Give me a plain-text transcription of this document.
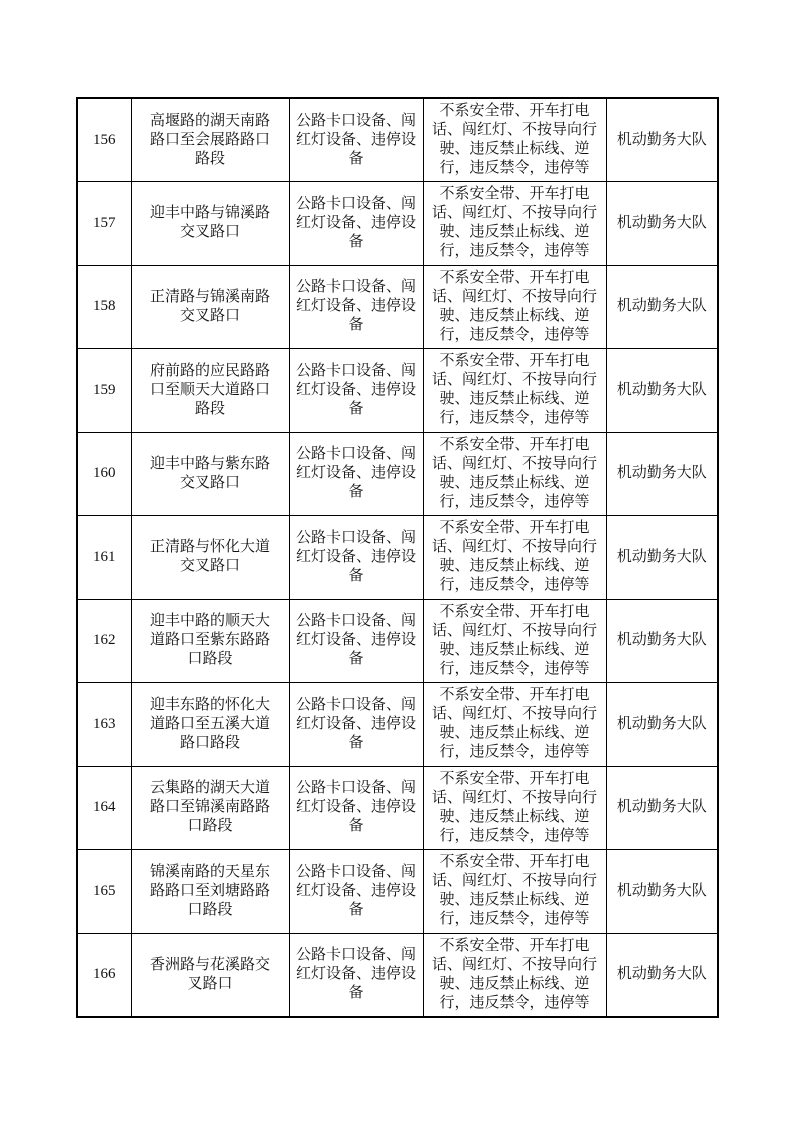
156	高堰路的湖天南路路口至会展路路口路段	公路卡口设备、闯红灯设备、违停设备	不系安全带、开车打电话、闯红灯、不按导向行驶、违反禁止标线、逆行，违反禁令，违停等	机动勤务大队
157	迎丰中路与锦溪路交叉路口	公路卡口设备、闯红灯设备、违停设备	不系安全带、开车打电话、闯红灯、不按导向行驶、违反禁止标线、逆行，违反禁令，违停等	机动勤务大队
158	正清路与锦溪南路交叉路口	公路卡口设备、闯红灯设备、违停设备	不系安全带、开车打电话、闯红灯、不按导向行驶、违反禁止标线、逆行，违反禁令，违停等	机动勤务大队
159	府前路的应民路路口至顺天大道路口路段	公路卡口设备、闯红灯设备、违停设备	不系安全带、开车打电话、闯红灯、不按导向行驶、违反禁止标线、逆行，违反禁令，违停等	机动勤务大队
160	迎丰中路与紫东路交叉路口	公路卡口设备、闯红灯设备、违停设备	不系安全带、开车打电话、闯红灯、不按导向行驶、违反禁止标线、逆行，违反禁令，违停等	机动勤务大队
161	正清路与怀化大道交叉路口	公路卡口设备、闯红灯设备、违停设备	不系安全带、开车打电话、闯红灯、不按导向行驶、违反禁止标线、逆行，违反禁令，违停等	机动勤务大队
162	迎丰中路的顺天大道路口至紫东路路口路段	公路卡口设备、闯红灯设备、违停设备	不系安全带、开车打电话、闯红灯、不按导向行驶、违反禁止标线、逆行，违反禁令，违停等	机动勤务大队
163	迎丰东路的怀化大道路口至五溪大道路口路段	公路卡口设备、闯红灯设备、违停设备	不系安全带、开车打电话、闯红灯、不按导向行驶、违反禁止标线、逆行，违反禁令，违停等	机动勤务大队
164	云集路的湖天大道路口至锦溪南路路口路段	公路卡口设备、闯红灯设备、违停设备	不系安全带、开车打电话、闯红灯、不按导向行驶、违反禁止标线、逆行，违反禁令，违停等	机动勤务大队
165	锦溪南路的天星东路路口至刘塘路路口路段	公路卡口设备、闯红灯设备、违停设备	不系安全带、开车打电话、闯红灯、不按导向行驶、违反禁止标线、逆行，违反禁令，违停等	机动勤务大队
166	香洲路与花溪路交叉路口	公路卡口设备、闯红灯设备、违停设备	不系安全带、开车打电话、闯红灯、不按导向行驶、违反禁止标线、逆行，违反禁令，违停等	机动勤务大队
